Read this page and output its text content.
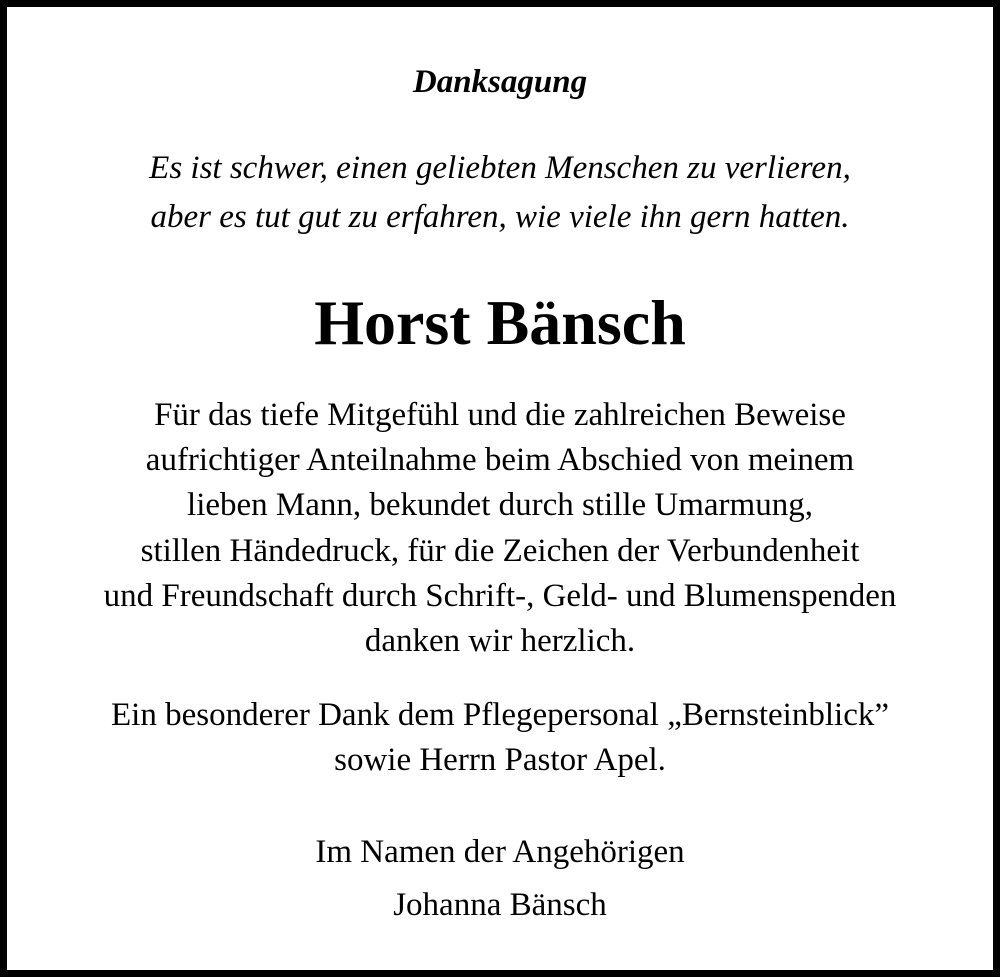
Danksagung
Es ist schwer, einen geliebten Menschen zu verlieren,
aber es tut gut zu erfahren, wie viele ihn gern hatten.
Horst Bänsch
Für das tiefe Mitgefühl und die zahlreichen Beweise
aufrichtiger Anteilnahme beim Abschied von meinem
lieben Mann, bekundet durch stille Umarmung,
stillen Händedruck, für die Zeichen der Verbundenheit
und Freundschaft durch Schrift-, Geld- und Blumenspenden
danken wir herzlich.
Ein besonderer Dank dem Pflegepersonal „Bernsteinblick”
sowie Herrn Pastor Apel.
Im Namen der Angehörigen
Johanna Bänsch
